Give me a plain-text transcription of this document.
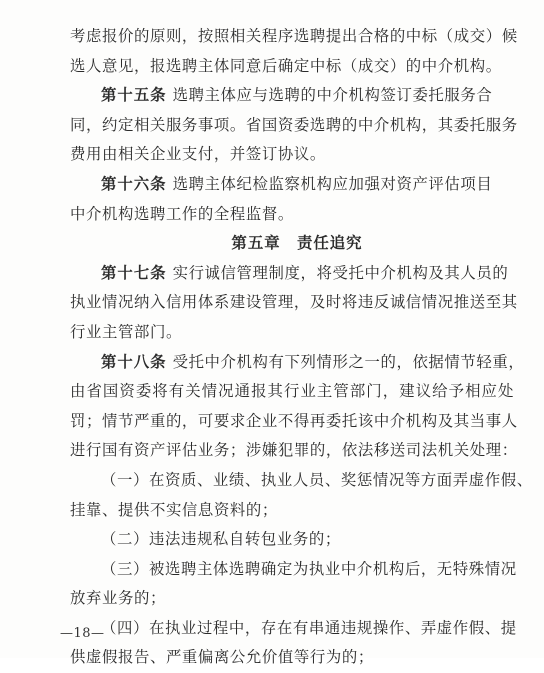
考虑报价的原则，按照相关程序选聘提出合格的中标（成交）候
选人意见，报选聘主体同意后确定中标（成交）的中介机构。
第十五条 选聘主体应与选聘的中介机构签订委托服务合
同，约定相关服务事项。省国资委选聘的中介机构，其委托服务
费用由相关企业支付，并签订协议。
第十六条 选聘主体纪检监察机构应加强对资产评估项目
中介机构选聘工作的全程监督。
第五章　责任追究
第十七条 实行诚信管理制度，将受托中介机构及其人员的
执业情况纳入信用体系建设管理，及时将违反诚信情况推送至其
行业主管部门。
第十八条 受托中介机构有下列情形之一的，依据情节轻重，
由省国资委将有关情况通报其行业主管部门，建议给予相应处
罚；情节严重的，可要求企业不得再委托该中介机构及其当事人
进行国有资产评估业务；涉嫌犯罪的，依法移送司法机关处理：
（一）在资质、业绩、执业人员、奖惩情况等方面弄虚作假、
挂靠、提供不实信息资料的；
（二）违法违规私自转包业务的；
（三）被选聘主体选聘确定为执业中介机构后，无特殊情况
放弃业务的；
（四）在执业过程中，存在有串通违规操作、弄虚作假、提
供虚假报告、严重偏离公允价值等行为的；
—18—
